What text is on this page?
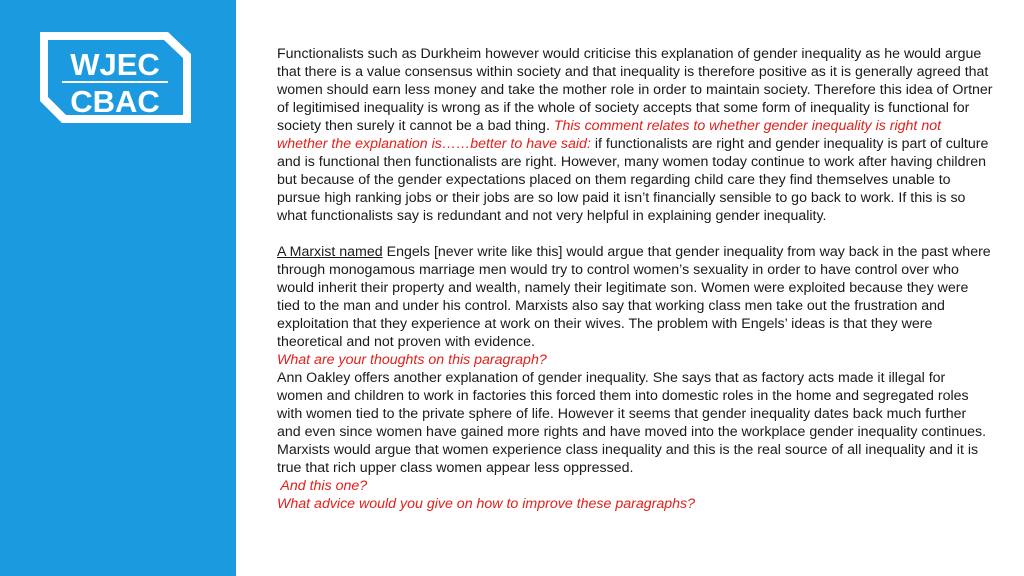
WJEC
CBAC

Functionalists such as Durkheim however would criticise this explanation of gender inequality as he would argue that there is a value consensus within society and that inequality is therefore positive as it is generally agreed that women should earn less money and take the mother role in order to maintain society. Therefore this idea of Ortner of legitimised inequality is wrong as if the whole of society accepts that some form of inequality is functional for society then surely it cannot be a bad thing. This comment relates to whether gender inequality is right not whether the explanation is……better to have said: if functionalists are right and gender inequality is part of culture and is functional then functionalists are right. However, many women today continue to work after having children but because of the gender expectations placed on them regarding child care they find themselves unable to pursue high ranking jobs or their jobs are so low paid it isn’t financially sensible to go back to work. If this is so what functionalists say is redundant and not very helpful in explaining gender inequality.

A Marxist named Engels [never write like this] would argue that gender inequality from way back in the past where through monogamous marriage men would try to control women’s sexuality in order to have control over who would inherit their property and wealth, namely their legitimate son. Women were exploited because they were tied to the man and under his control. Marxists also say that working class men take out the frustration and exploitation that they experience at work on their wives. The problem with Engels’ ideas is that they were theoretical and not proven with evidence.

What are your thoughts on this paragraph?

Ann Oakley offers another explanation of gender inequality. She says that as factory acts made it illegal for women and children to work in factories this forced them into domestic roles in the home and segregated roles with women tied to the private sphere of life. However it seems that gender inequality dates back much further and even since women have gained more rights and have moved into the workplace gender inequality continues. Marxists would argue that women experience class inequality and this is the real source of all inequality and it is true that rich upper class women appear less oppressed.

And this one?

What advice would you give on how to improve these paragraphs?
